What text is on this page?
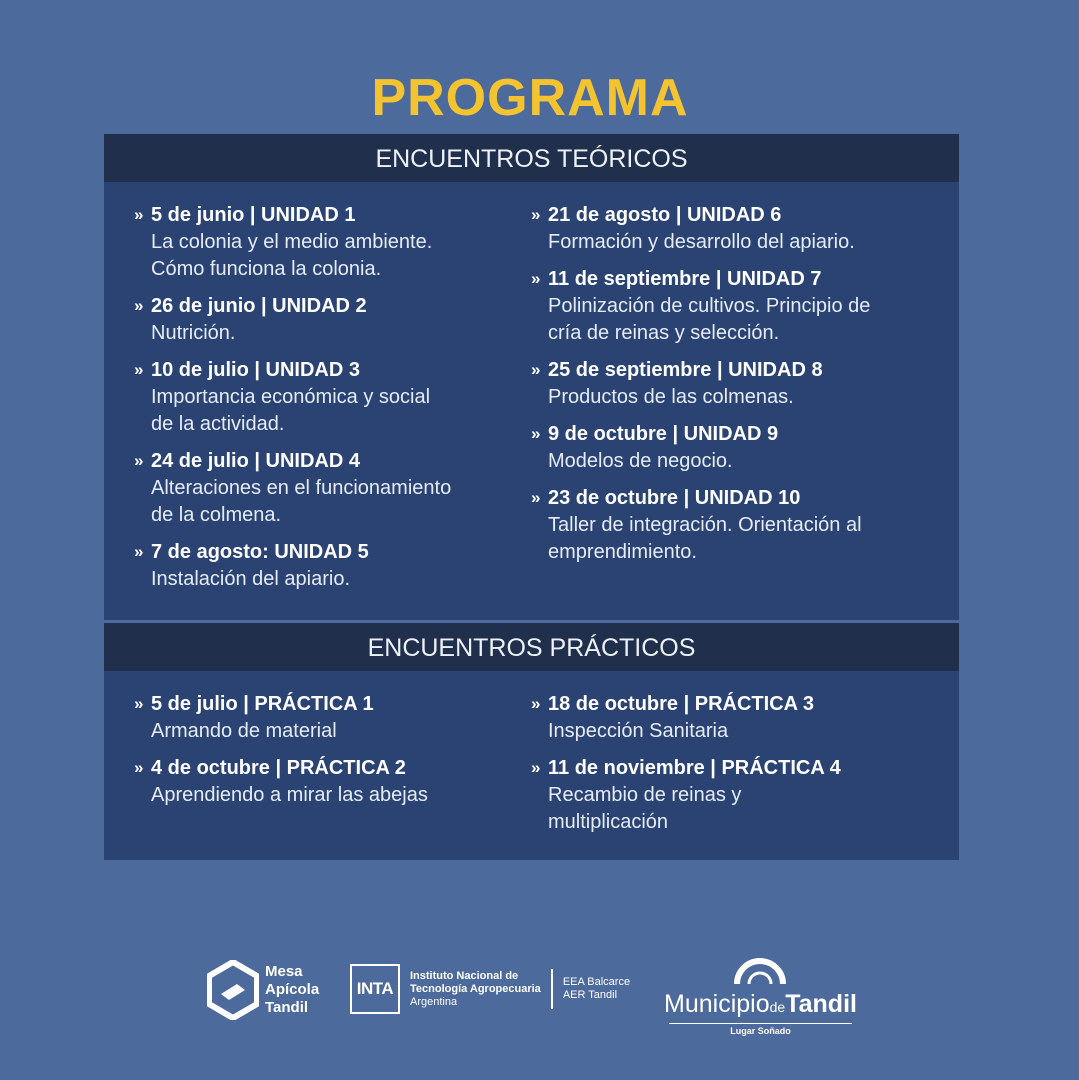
PROGRAMA
ENCUENTROS TEÓRICOS
» 5 de junio | UNIDAD 1
La colonia y el medio ambiente.
Cómo funciona la colonia.
» 26 de junio | UNIDAD 2
Nutrición.
» 10 de julio | UNIDAD 3
Importancia económica y social
de la actividad.
» 24 de julio | UNIDAD 4
Alteraciones en el funcionamiento
de la colmena.
» 7 de agosto: UNIDAD 5
Instalación del apiario.
» 21 de agosto | UNIDAD 6
Formación y desarrollo del apiario.
» 11 de septiembre | UNIDAD 7
Polinización de cultivos. Principio de
cría de reinas y selección.
» 25 de septiembre | UNIDAD 8
Productos de las colmenas.
» 9 de octubre | UNIDAD 9
Modelos de negocio.
» 23 de octubre | UNIDAD 10
Taller de integración. Orientación al
emprendimiento.
ENCUENTROS PRÁCTICOS
» 5 de julio | PRÁCTICA 1
Armando de material
» 4 de octubre | PRÁCTICA 2
Aprendiendo a mirar las abejas
» 18 de octubre | PRÁCTICA 3
Inspección Sanitaria
» 11 de noviembre | PRÁCTICA 4
Recambio de reinas y
multiplicación
Mesa
Apícola
Tandil
INTA
Instituto Nacional de
Tecnología Agropecuaria
Argentina
EEA Balcarce
AER Tandil	MunicipiodeTandil
Lugar Soñado
